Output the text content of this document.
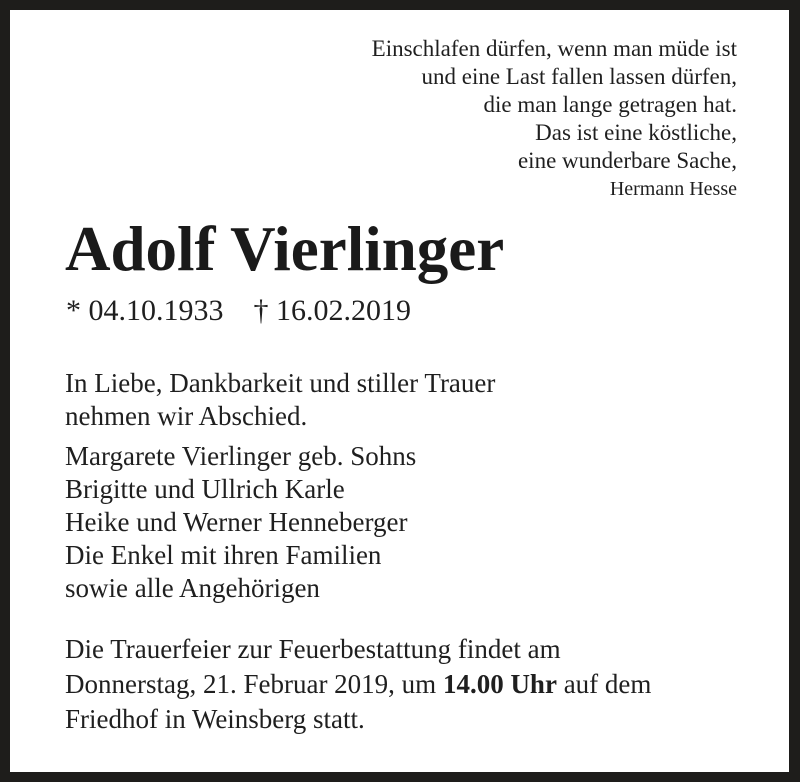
Einschlafen dürfen, wenn man müde ist
und eine Last fallen lassen dürfen,
die man lange getragen hat.
Das ist eine köstliche,
eine wunderbare Sache,
Hermann Hesse
Adolf Vierlinger
* 04.10.1933 † 16.02.2019
In Liebe, Dankbarkeit und stiller Trauer
nehmen wir Abschied.
Margarete Vierlinger geb. Sohns
Brigitte und Ullrich Karle
Heike und Werner Henneberger
Die Enkel mit ihren Familien
sowie alle Angehörigen
Die Trauerfeier zur Feuerbestattung findet am
Donnerstag, 21. Februar 2019, um 14.00 Uhr auf dem
Friedhof in Weinsberg statt.
